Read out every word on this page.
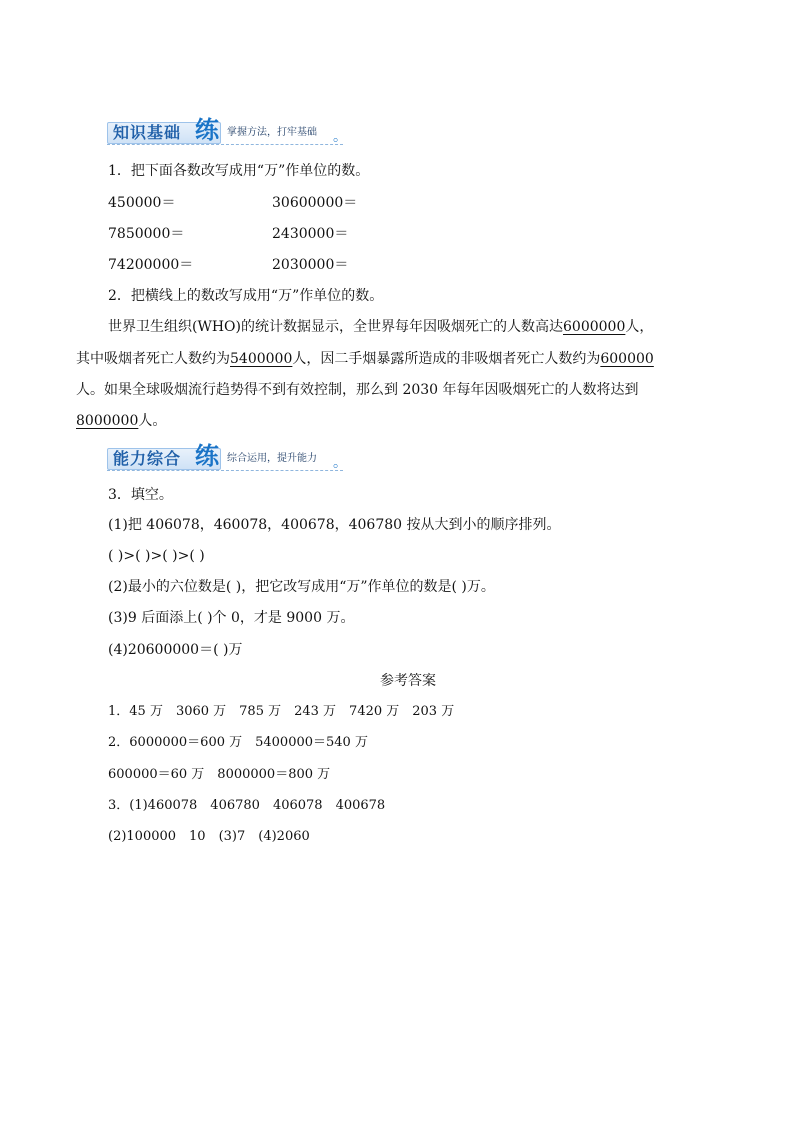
知识基础 练 掌握方法，打牢基础 。
1．把下面各数改写成用“万”作单位的数。
450000＝	30600000＝
7850000＝	2430000＝
74200000＝	2030000＝
2．把横线上的数改写成用“万”作单位的数。
世界卫生组织(WHO)的统计数据显示，全世界每年因吸烟死亡的人数高达6000000人，
其中吸烟者死亡人数约为5400000人，因二手烟暴露所造成的非吸烟者死亡人数约为600000
人。如果全球吸烟流行趋势得不到有效控制，那么到 2030 年每年因吸烟死亡的人数将达到
8000000人。
能力综合 练 综合运用，提升能力 。
3．填空。
(1)把 406078，460078，400678，406780 按从大到小的顺序排列。
( )>( )>( )>( )
(2)最小的六位数是( )，把它改写成用“万”作单位的数是( )万。
(3)9 后面添上( )个 0，才是 9000 万。
(4)20600000＝( )万
参考答案
1．45 万　3060 万　785 万　243 万　7420 万　203 万
2．6000000＝600 万　5400000＝540 万
600000＝60 万　8000000＝800 万
3．(1)460078　406780　406078　400678
(2)100000　10　(3)7　(4)2060
